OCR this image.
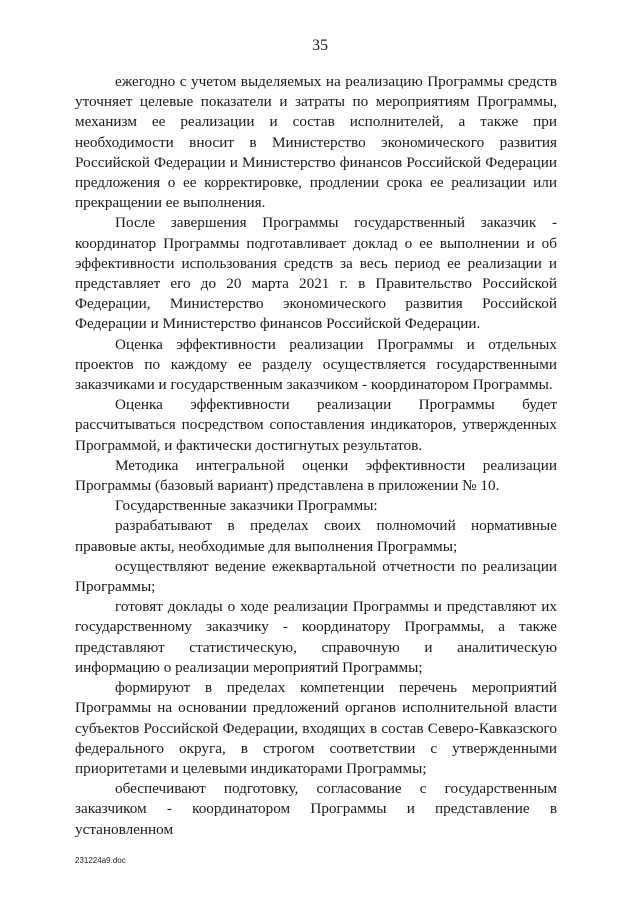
35

ежегодно с учетом выделяемых на реализацию Программы средств уточняет целевые показатели и затраты по мероприятиям Программы, механизм ее реализации и состав исполнителей, а также при необходимости вносит в Министерство экономического развития Российской Федерации и Министерство финансов Российской Федерации предложения о ее корректировке, продлении срока ее реализации или прекращении ее выполнения.

После завершения Программы государственный заказчик - координатор Программы подготавливает доклад о ее выполнении и об эффективности использования средств за весь период ее реализации и представляет его до 20 марта 2021 г. в Правительство Российской Федерации, Министерство экономического развития Российской Федерации и Министерство финансов Российской Федерации.

Оценка эффективности реализации Программы и отдельных проектов по каждому ее разделу осуществляется государственными заказчиками и государственным заказчиком - координатором Программы.

Оценка эффективности реализации Программы будет рассчитываться посредством сопоставления индикаторов, утвержденных Программой, и фактически достигнутых результатов.

Методика интегральной оценки эффективности реализации Программы (базовый вариант) представлена в приложении № 10.

Государственные заказчики Программы:

разрабатывают в пределах своих полномочий нормативные правовые акты, необходимые для выполнения Программы;

осуществляют ведение ежеквартальной отчетности по реализации Программы;

готовят доклады о ходе реализации Программы и представляют их государственному заказчику - координатору Программы, а также представляют статистическую, справочную и аналитическую информацию о реализации мероприятий Программы;

формируют в пределах компетенции перечень мероприятий Программы на основании предложений органов исполнительной власти субъектов Российской Федерации, входящих в состав Северо-Кавказского федерального округа, в строгом соответствии с утвержденными приоритетами и целевыми индикаторами Программы;

обеспечивают подготовку, согласование с государственным заказчиком - координатором Программы и представление в установленном

231224a9.doc
